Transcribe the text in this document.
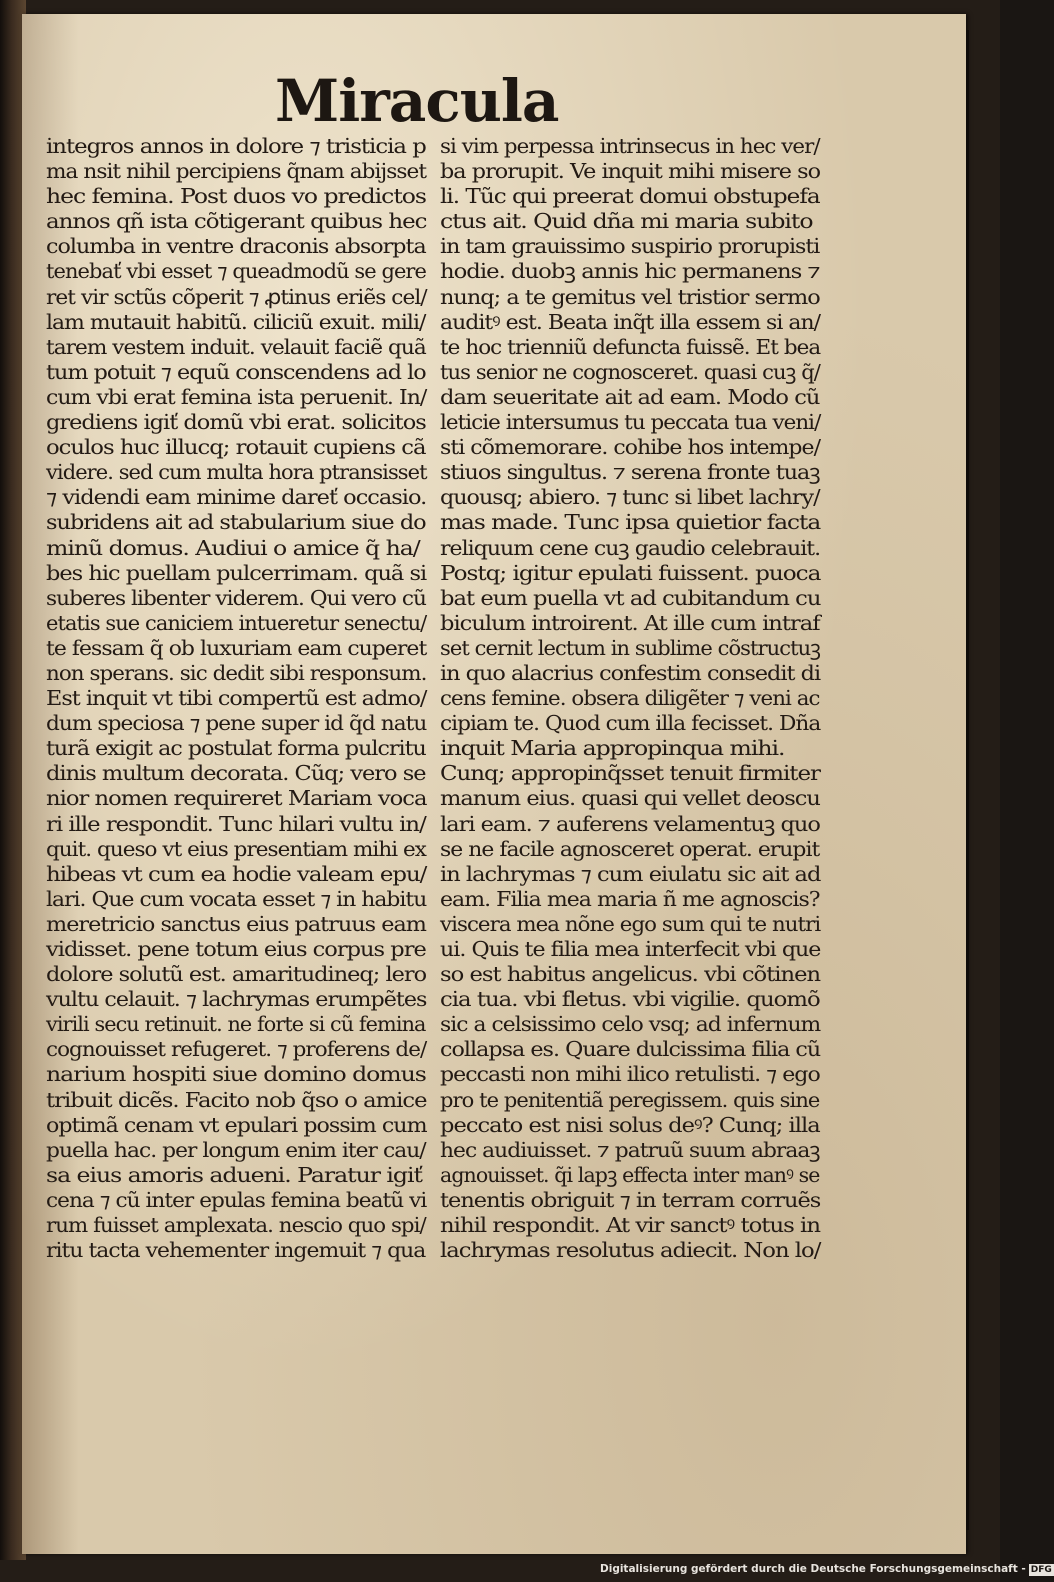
Miracula
integros annos in dolore ⁊ tristicia p
ma nsit nihil percipiens q̃nam abijsset
hec femina. Post duos vo predictos
annos qñ ista cõtigerant quibus hec
columba in ventre draconis absorpta
tenebať vbi esset ⁊ queadmodũ se gere
ret vir sctũs cõperit ⁊ ꝓtinus eriẽs cel/
lam mutauit habitũ. ciliciũ exuit. mili/
tarem vestem induit. velauit faciẽ quã
tum potuit ⁊ equũ conscendens ad lo
cum vbi erat femina ista peruenit. In/
grediens igiť domũ vbi erat. solicitos
oculos huc illucq; rotauit cupiens cã
videre. sed cum multa hora ptransisset
⁊ videndi eam minime dareť occasio.
subridens ait ad stabularium siue do
minũ domus. Audiui o amice q̃ ha/
bes hic puellam pulcerrimam. quã si
suberes libenter viderem. Qui vero cũ
etatis sue caniciem intueretur senectu/
te fessam q̃ ob luxuriam eam cuperet
non sperans. sic dedit sibi responsum.
Est inquit vt tibi compertũ est admo/
dum speciosa ⁊ pene super id q̃d natu
turã exigit ac postulat forma pulcritu
dinis multum decorata. Cũq; vero se
nior nomen requireret Mariam voca
ri ille respondit. Tunc hilari vultu in/
quit. queso vt eius presentiam mihi ex
hibeas vt cum ea hodie valeam epu/
lari. Que cum vocata esset ⁊ in habitu
meretricio sanctus eius patruus eam
vidisset. pene totum eius corpus pre
dolore solutũ est. amaritudineq; lero
vultu celauit. ⁊ lachrymas erumpẽtes
virili secu retinuit. ne forte si cũ femina
cognouisset refugeret. ⁊ proferens de/
narium hospiti siue domino domus
tribuit dicẽs. Facito nob q̃so o amice
optimã cenam vt epulari possim cum
puella hac. per longum enim iter cau/
sa eius amoris adueni. Paratur igiť
cena ⁊ cũ inter epulas femina beatũ vi
rum fuisset amplexata. nescio quo spi/
ritu tacta vehementer ingemuit ⁊ qua
si vim perpessa intrinsecus in hec ver/
ba prorupit. Ve inquit mihi misere so
li. Tũc qui preerat domui obstupefa
ctus ait. Quid dña mi maria subito
in tam grauissimo suspirio prorupisti
hodie. duobꝫ annis hic permanens ⁊
nunq; a te gemitus vel tristior sermo
auditꝰ est. Beata inq̃t illa essem si an/
te hoc trienniũ defuncta fuissẽ. Et bea
tus senior ne cognosceret. quasi cuꝫ q̃/
dam seueritate ait ad eam. Modo cũ
leticie intersumus tu peccata tua veni/
sti cõmemorare. cohibe hos intempe/
stiuos singultus. ⁊ serena fronte tuaꝫ
quousq; abiero. ⁊ tunc si libet lachry/
mas made. Tunc ipsa quietior facta
reliquum cene cuꝫ gaudio celebrauit.
Postq; igitur epulati fuissent. puoca
bat eum puella vt ad cubitandum cu
biculum introirent. At ille cum intraf
set cernit lectum in sublime cõstructuꝫ
in quo alacrius confestim consedit di
cens femine. obsera diligẽter ⁊ veni ac
cipiam te. Quod cum illa fecisset. Dña
inquit Maria appropinqua mihi.
Cunq; appropinq̃sset tenuit firmiter
manum eius. quasi qui vellet deoscu
lari eam. ⁊ auferens velamentuꝫ quo
se ne facile agnosceret operat. erupit
in lachrymas ⁊ cum eiulatu sic ait ad
eam. Filia mea maria ñ me agnoscis?
viscera mea nõne ego sum qui te nutri
ui. Quis te filia mea interfecit vbi que
so est habitus angelicus. vbi cõtinen
cia tua. vbi fletus. vbi vigilie. quomõ
sic a celsissimo celo vsq; ad infernum
collapsa es. Quare dulcissima filia cũ
peccasti non mihi ilico retulisti. ⁊ ego
pro te penitentiã peregissem. quis sine
peccato est nisi solus deꝰ? Cunq; illa
hec audiuisset. ⁊ patruũ suum abraaꝫ
agnouisset. q̃i lapꝫ effecta inter manꝰ se
tenentis obriguit ⁊ in terram corruẽs
nihil respondit. At vir sanctꝰ totus in
lachrymas resolutus adiecit. Non lo/
Digitalisierung gefördert durch die Deutsche Forschungsgemeinschaft - DFG
